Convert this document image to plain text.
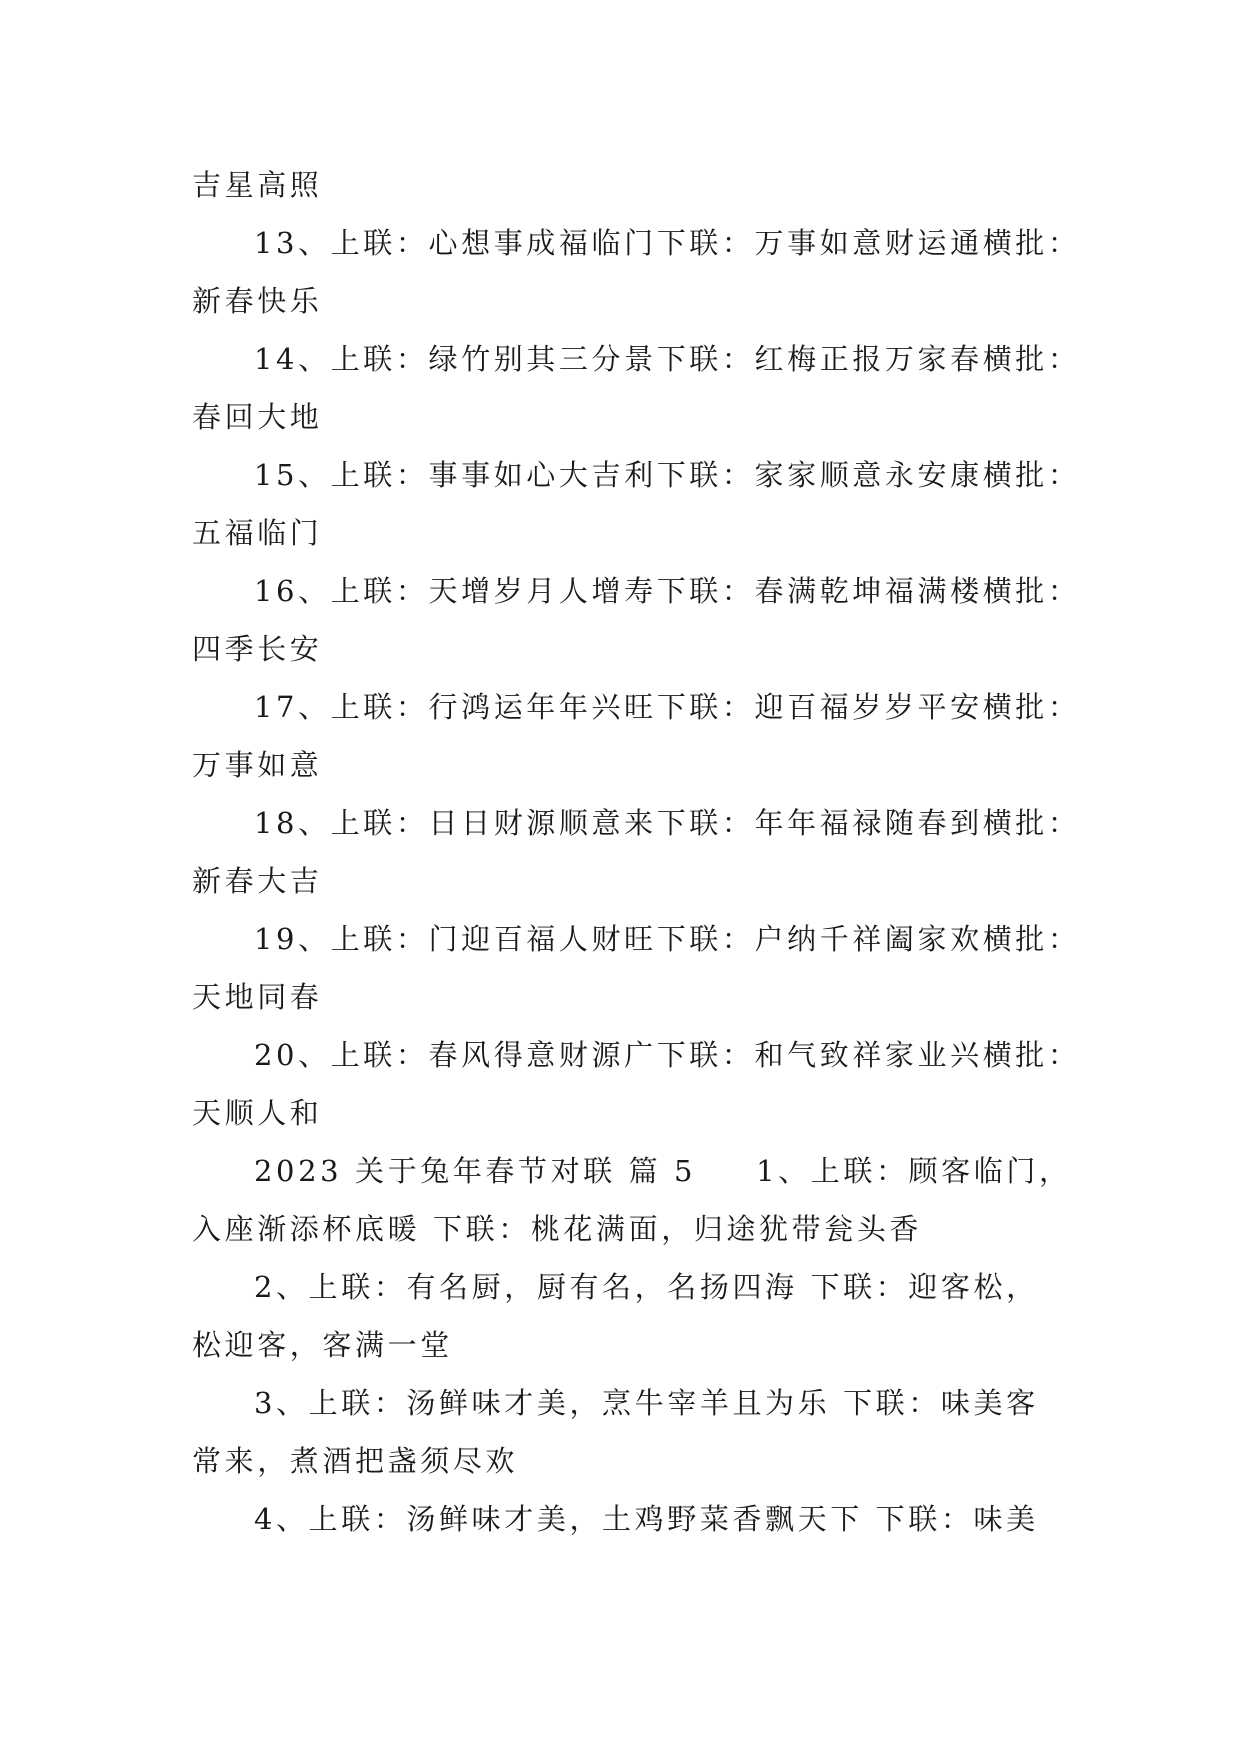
吉星高照
13、上联：心想事成福临门下联：万事如意财运通横批：
新春快乐
14、上联：绿竹别其三分景下联：红梅正报万家春横批：
春回大地
15、上联：事事如心大吉利下联：家家顺意永安康横批：
五福临门
16、上联：天增岁月人增寿下联：春满乾坤福满楼横批：
四季长安
17、上联：行鸿运年年兴旺下联：迎百福岁岁平安横批：
万事如意
18、上联：日日财源顺意来下联：年年福禄随春到横批：
新春大吉
19、上联：门迎百福人财旺下联：户纳千祥阖家欢横批：
天地同春
20、上联：春风得意财源广下联：和气致祥家业兴横批：
天顺人和
2023 关于兔年春节对联 篇 5 1、上联：顾客临门，
入座渐添杯底暖 下联：桃花满面，归途犹带瓮头香
2、上联：有名厨，厨有名，名扬四海 下联：迎客松，
松迎客，客满一堂
3、上联：汤鲜味才美，烹牛宰羊且为乐 下联：味美客
常来，煮酒把盏须尽欢
4、上联：汤鲜味才美，土鸡野菜香飘天下 下联：味美
